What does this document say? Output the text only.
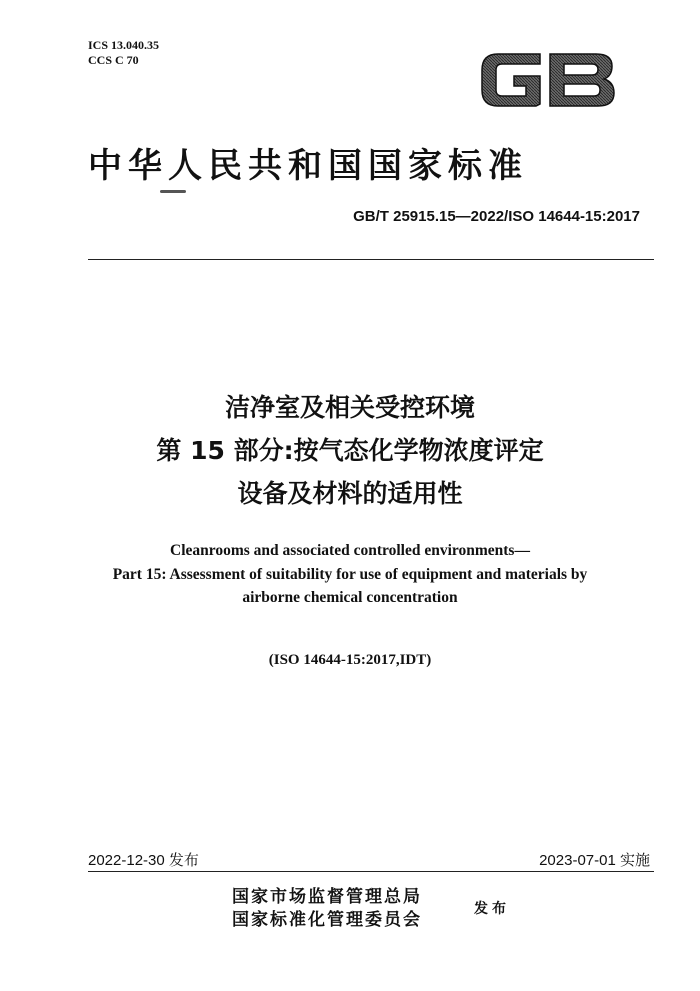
ICS 13.040.35
CCS C 70
中华人民共和国国家标准
GB/T 25915.15—2022/ISO 14644-15:2017
洁净室及相关受控环境
第 15 部分:按气态化学物浓度评定
设备及材料的适用性
Cleanrooms and associated controlled environments—
Part 15: Assessment of suitability for use of equipment and materials by
airborne chemical concentration
(ISO 14644-15:2017,IDT)
2022-12-30 发布	2023-07-01 实施
国家市场监督管理总局
国家标准化管理委员会
发布
